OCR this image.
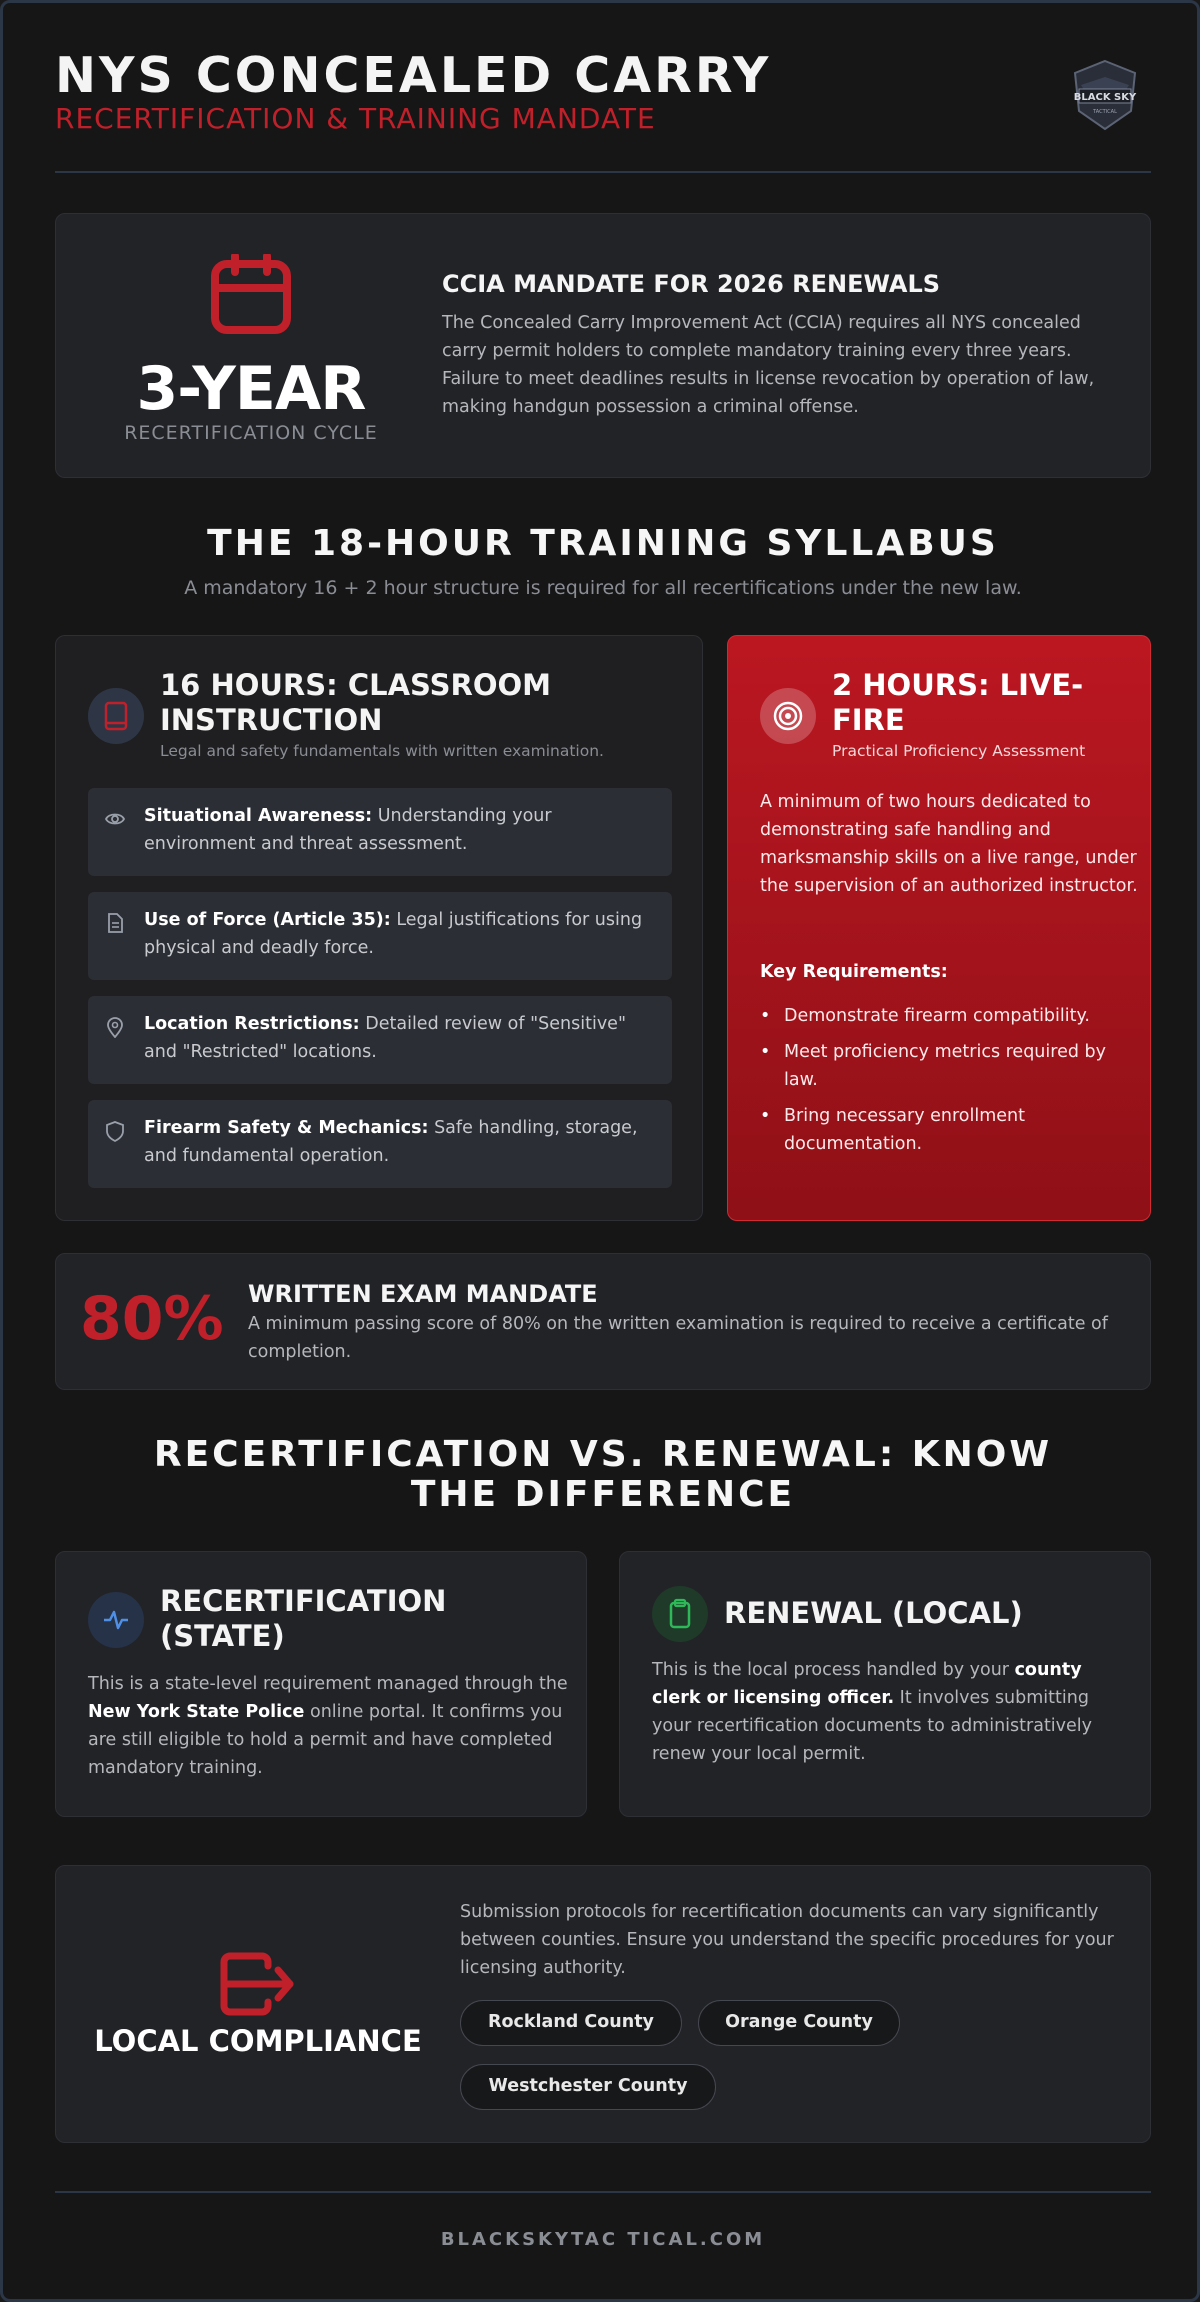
NYS CONCEALED CARRY
RECERTIFICATION & TRAINING MANDATE
BLACK SKY
TACTICAL
3-YEAR
RECERTIFICATION CYCLE
CCIA MANDATE FOR 2026 RENEWALS
The Concealed Carry Improvement Act (CCIA) requires all NYS concealed carry permit holders to complete mandatory training every three years. Failure to meet deadlines results in license revocation by operation of law, making handgun possession a criminal offense.
THE 18-HOUR TRAINING SYLLABUS
A mandatory 16 + 2 hour structure is required for all recertifications under the new law.
16 HOURS: CLASSROOM INSTRUCTION
Legal and safety fundamentals with written examination.
Situational Awareness: Understanding your environment and threat assessment.
Use of Force (Article 35): Legal justifications for using physical and deadly force.
Location Restrictions: Detailed review of "Sensitive" and "Restricted" locations.
Firearm Safety & Mechanics: Safe handling, storage, and fundamental operation.
2 HOURS: LIVE-FIRE
Practical Proficiency Assessment
A minimum of two hours dedicated to demonstrating safe handling and marksmanship skills on a live range, under the supervision of an authorized instructor.
Key Requirements:
• Demonstrate firearm compatibility.
• Meet proficiency metrics required by law.
• Bring necessary enrollment documentation.
80% WRITTEN EXAM MANDATE
A minimum passing score of 80% on the written examination is required to receive a certificate of completion.
RECERTIFICATION VS. RENEWAL: KNOW THE DIFFERENCE
RECERTIFICATION (STATE)
This is a state-level requirement managed through the New York State Police online portal. It confirms you are still eligible to hold a permit and have completed mandatory training.
RENEWAL (LOCAL)
This is the local process handled by your county clerk or licensing officer. It involves submitting your recertification documents to administratively renew your local permit.
LOCAL COMPLIANCE
Submission protocols for recertification documents can vary significantly between counties. Ensure you understand the specific procedures for your licensing authority.
Rockland County	Orange County
Westchester County
BLACKSKYTAC TICAL.COM
